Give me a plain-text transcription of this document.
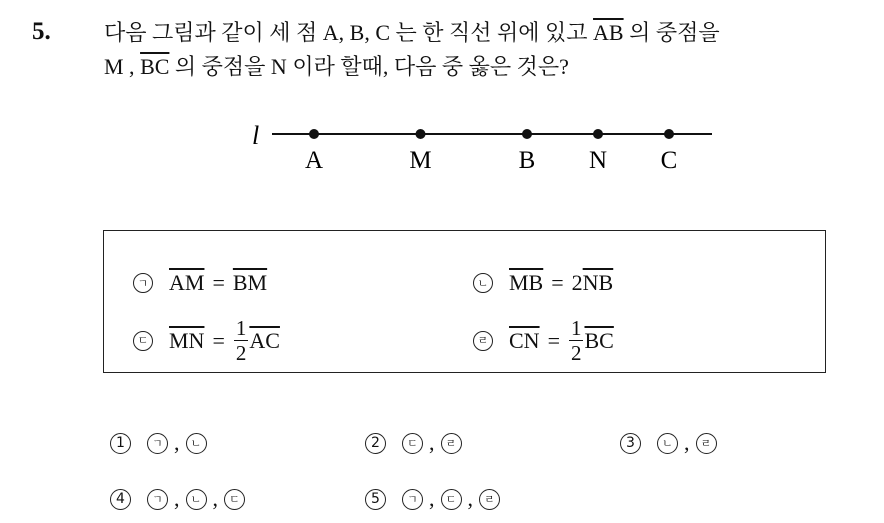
5. 다음 그림과 같이 세 점 A, B, C 는 한 직선 위에 있고 $\overline{AB}$ 의 중점을
M , $\overline{BC}$ 의 중점을 N 이라 할때, 다음 중 옳은 것은?
l
A	M	B N C
ㄱ $\overline{AM} = \overline{BM}$	ㄴ $\overline{MB} = 2$ $\overline{NB}$
ㄷ $\overline{MN} = \frac{1}{2} \overline{AC}$	ㄹ $\overline{CN} = \frac{1}{2} \overline{BC}$
1	ㄱ ,	ㄴ	2	ㄷ ,	ㄹ	3	ㄴ ,	ㄹ
4	ㄱ ,	ㄴ ,	ㄷ	5	ㄱ ,	ㄷ ,	ㄹ
